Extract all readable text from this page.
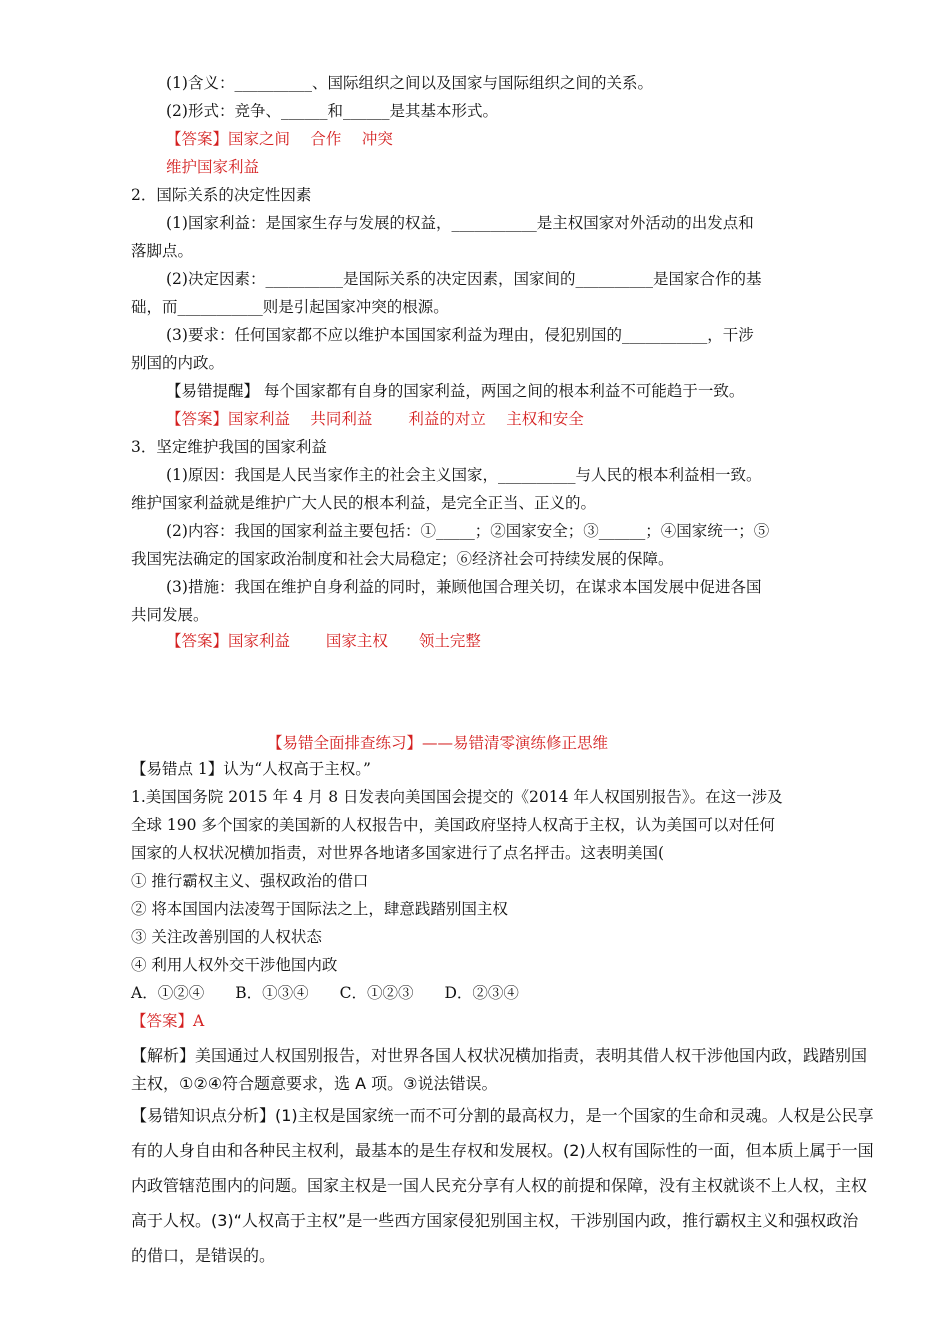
(1)含义：__________、国际组织之间以及国家与国际组织之间的关系。
(2)形式：竞争、______和______是其基本形式。
【答案】国家之间　 合作　 冲突
维护国家利益
2．国际关系的决定性因素
(1)国家利益：是国家生存与发展的权益，___________是主权国家对外活动的出发点和
落脚点。
(2)决定因素：__________是国际关系的决定因素，国家间的__________是国家合作的基
础，而___________则是引起国家冲突的根源。
(3)要求：任何国家都不应以维护本国国家利益为理由，侵犯别国的___________，干涉
别国的内政。
【易错提醒】 每个国家都有自身的国家利益，两国之间的根本利益不可能趋于一致。
【答案】国家利益　 共同利益　　 利益的对立　 主权和安全
3．坚定维护我国的国家利益
(1)原因：我国是人民当家作主的社会主义国家，__________与人民的根本利益相一致。
维护国家利益就是维护广大人民的根本利益，是完全正当、正义的。
(2)内容：我国的国家利益主要包括：①_____；②国家安全；③______；④国家统一；⑤
我国宪法确定的国家政治制度和社会大局稳定；⑥经济社会可持续发展的保障。
(3)措施：我国在维护自身利益的同时，兼顾他国合理关切，在谋求本国发展中促进各国
共同发展。
【答案】国家利益　　 国家主权　　领土完整
【易错全面排查练习】——易错清零演练修正思维
【易错点 1】认为“人权高于主权。”
1.美国国务院 2015 年 4 月 8 日发表向美国国会提交的《2014 年人权国别报告》。在这一涉及
全球 190 多个国家的美国新的人权报告中，美国政府坚持人权高于主权，认为美国可以对任何
国家的人权状况横加指责，对世界各地诸多国家进行了点名抨击。这表明美国(
① 推行霸权主义、强权政治的借口
② 将本国国内法凌驾于国际法之上，肆意践踏别国主权
③ 关注改善别国的人权状态
④ 利用人权外交干涉他国内政
A．①②④　　B．①③④　　C．①②③　　D．②③④
【答案】A
【解析】美国通过人权国别报告，对世界各国人权状况横加指责，表明其借人权干涉他国内政，践踏别国
主权，①②④符合题意要求，选 A 项。③说法错误。
【易错知识点分析】(1)主权是国家统一而不可分割的最高权力，是一个国家的生命和灵魂。人权是公民享
有的人身自由和各种民主权利，最基本的是生存权和发展权。(2)人权有国际性的一面，但本质上属于一国
内政管辖范围内的问题。国家主权是一国人民充分享有人权的前提和保障，没有主权就谈不上人权，主权
高于人权。(3)“人权高于主权”是一些西方国家侵犯别国主权，干涉别国内政，推行霸权主义和强权政治
的借口，是错误的。
